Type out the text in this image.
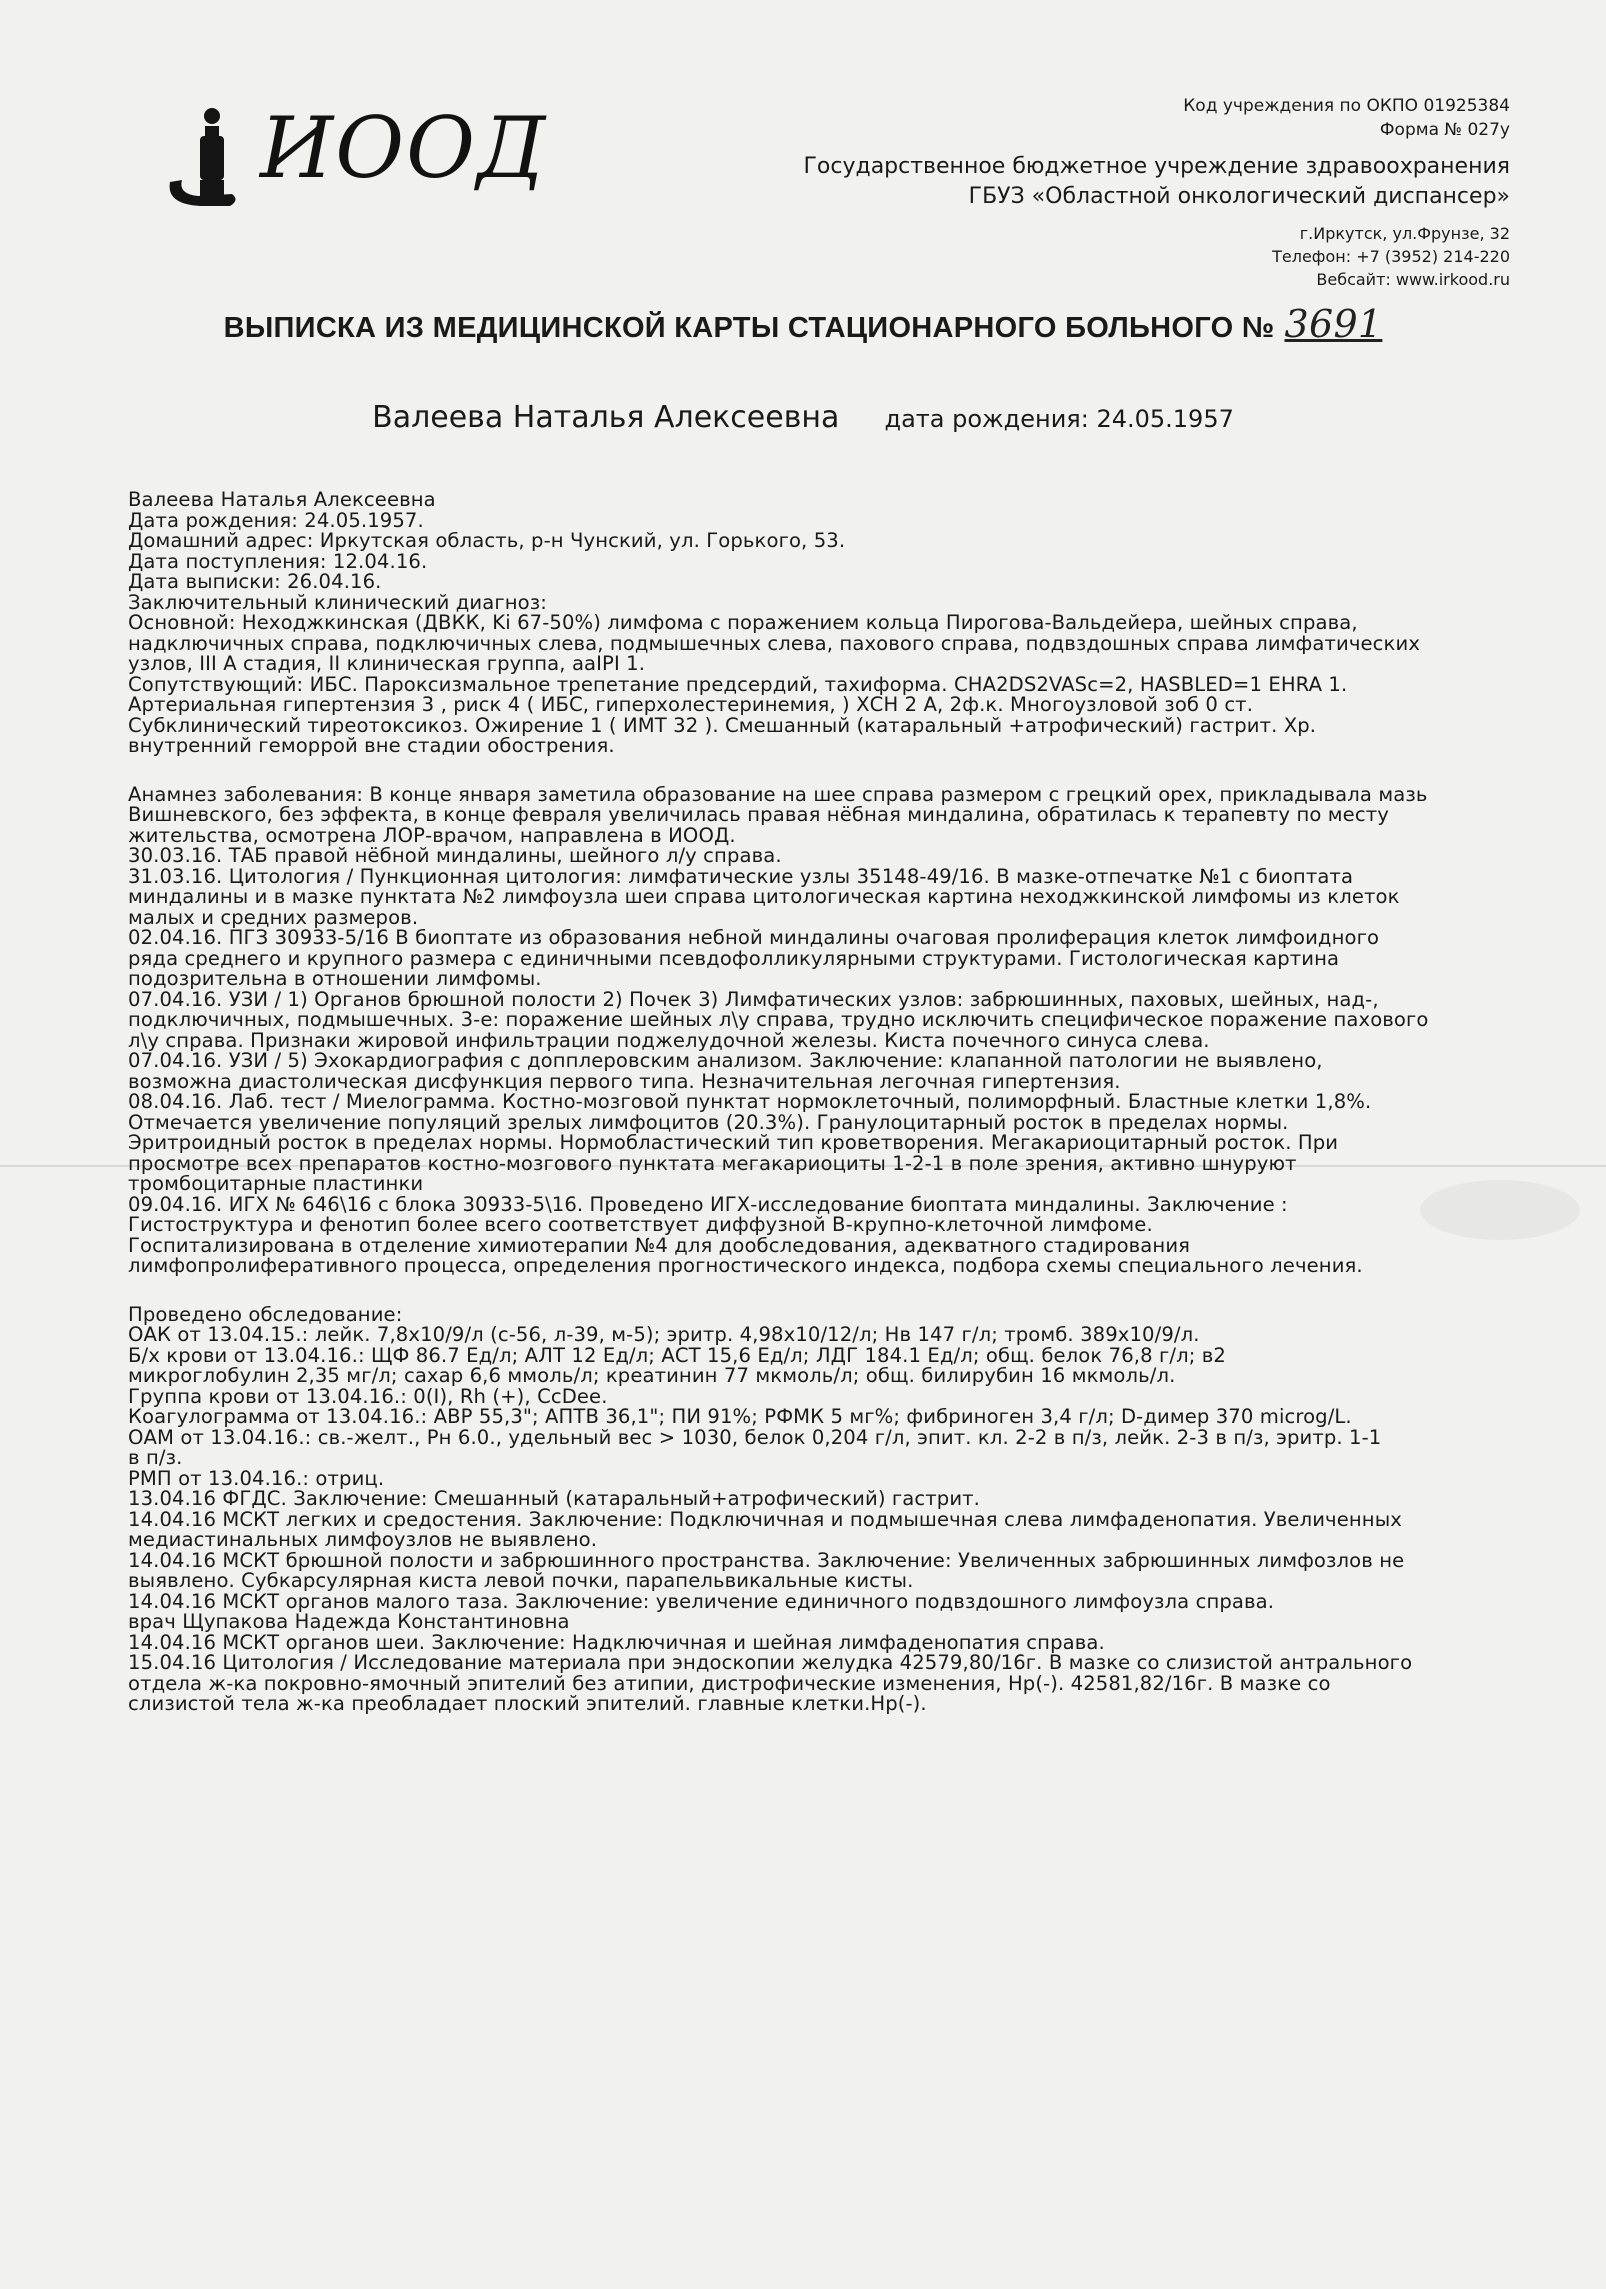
ИООД	Код учреждения по ОКПО 01925384
Форма № 027у
Государственное бюджетное учреждение здравоохранения
ГБУЗ «Областной онкологический диспансер»
г.Иркутск, ул.Фрунзе, 32
Телефон: +7 (3952) 214-220
Вебсайт: www.irkood.ru
ВЫПИСКА ИЗ МЕДИЦИНСКОЙ КАРТЫ СТАЦИОНАРНОГО БОЛЬНОГО № 3691
Валеева Наталья Алексеевна дата рождения: 24.05.1957
Валеева Наталья Алексеевна
Дата рождения: 24.05.1957.
Домашний адрес: Иркутская область, р-н Чунский, ул. Горького, 53.
Дата поступления: 12.04.16.
Дата выписки: 26.04.16.
Заключительный клинический диагноз:
Основной: Неходжкинская (ДВКК, Ki 67-50%) лимфома с поражением кольца Пирогова-Вальдейера, шейных справа,
надключичных справа, подключичных слева, подмышечных слева, пахового справа, подвздошных справа лимфатических
узлов, III А стадия, II клиническая группа, aaIPI 1.
Сопутствующий: ИБС. Пароксизмальное трепетание предсердий, тахиформа. CHA2DS2VASc=2, HASBLED=1 EHRA 1.
Артериальная гипертензия 3 , риск 4 ( ИБС, гиперхолестеринемия, ) ХСН 2 А, 2ф.к. Многоузловой зоб 0 ст.
Субклинический тиреотоксикоз. Ожирение 1 ( ИМТ 32 ). Смешанный (катаральный +атрофический) гастрит. Хр.
внутренний геморрой вне стадии обострения.
Анамнез заболевания: В конце января заметила образование на шее справа размером с грецкий орех, прикладывала мазь
Вишневского, без эффекта, в конце февраля увеличилась правая нёбная миндалина, обратилась к терапевту по месту
жительства, осмотрена ЛОР-врачом, направлена в ИООД.
30.03.16. ТАБ правой нёбной миндалины, шейного л/у справа.
31.03.16. Цитология / Пункционная цитология: лимфатические узлы 35148-49/16. В мазке-отпечатке №1 с биоптата
миндалины и в мазке пунктата №2 лимфоузла шеи справа цитологическая картина неходжкинской лимфомы из клеток
малых и средних размеров.
02.04.16. ПГЗ 30933-5/16 В биоптате из образования небной миндалины очаговая пролиферация клеток лимфоидного
ряда среднего и крупного размера с единичными псевдофолликулярными структурами. Гистологическая картина
подозрительна в отношении лимфомы.
07.04.16. УЗИ / 1) Органов брюшной полости 2) Почек 3) Лимфатических узлов: забрюшинных, паховых, шейных, над-,
подключичных, подмышечных. 3-е: поражение шейных л\у справа, трудно исключить специфическое поражение пахового
л\у справа. Признаки жировой инфильтрации поджелудочной железы. Киста почечного синуса слева.
07.04.16. УЗИ / 5) Эхокардиография с допплеровским анализом. Заключение: клапанной патологии не выявлено,
возможна диастолическая дисфункция первого типа. Незначительная легочная гипертензия.
08.04.16. Лаб. тест / Миелограмма. Костно-мозговой пунктат нормоклеточный, полиморфный. Бластные клетки 1,8%.
Отмечается увеличение популяций зрелых лимфоцитов (20.3%). Гранулоцитарный росток в пределах нормы.
Эритроидный росток в пределах нормы. Нормобластический тип кроветворения. Мегакариоцитарный росток. При
просмотре всех препаратов костно-мозгового пунктата мегакариоциты 1-2-1 в поле зрения, активно шнуруют
тромбоцитарные пластинки
09.04.16. ИГХ № 646\16 с блока 30933-5\16. Проведено ИГХ-исследование биоптата миндалины. Заключение :
Гистоструктура и фенотип более всего соответствует диффузной В-крупно-клеточной лимфоме.
Госпитализирована в отделение химиотерапии №4 для дообследования, адекватного стадирования
лимфопролиферативного процесса, определения прогностического индекса, подбора схемы специального лечения.
Проведено обследование:
ОАК от 13.04.15.: лейк. 7,8х10/9/л (с-56, л-39, м-5); эритр. 4,98х10/12/л; Нв 147 г/л; тромб. 389х10/9/л.
Б/х крови от 13.04.16.: ЩФ 86.7 Ед/л; АЛТ 12 Ед/л; АСТ 15,6 Ед/л; ЛДГ 184.1 Ед/л; общ. белок 76,8 г/л; в2
микроглобулин 2,35 мг/л; сахар 6,6 ммоль/л; креатинин 77 мкмоль/л; общ. билирубин 16 мкмоль/л.
Группа крови от 13.04.16.: 0(I), Rh (+), CcDee.
Коагулограмма от 13.04.16.: АВР 55,3"; АПТВ 36,1"; ПИ 91%; РФМК 5 мг%; фибриноген 3,4 г/л; D-димер 370 microg/L.
ОАМ от 13.04.16.: св.-желт., Рн 6.0., удельный вес > 1030, белок 0,204 г/л, эпит. кл. 2-2 в п/з, лейк. 2-3 в п/з, эритр. 1-1
в п/з.
РМП от 13.04.16.: отриц.
13.04.16 ФГДС. Заключение: Смешанный (катаральный+атрофический) гастрит.
14.04.16 МСКТ легких и средостения. Заключение: Подключичная и подмышечная слева лимфаденопатия. Увеличенных
медиастинальных лимфоузлов не выявлено.
14.04.16 МСКТ брюшной полости и забрюшинного пространства. Заключение: Увеличенных забрюшинных лимфозлов не
выявлено. Субкарсулярная киста левой почки, парапельвикальные кисты.
14.04.16 МСКТ органов малого таза. Заключение: увеличение единичного подвздошного лимфоузла справа.
врач Щупакова Надежда Константиновна
14.04.16 МСКТ органов шеи. Заключение: Надключичная и шейная лимфаденопатия справа.
15.04.16 Цитология / Исследование материала при эндоскопии желудка 42579,80/16г. В мазке со слизистой антрального
отдела ж-ка покровно-ямочный эпителий без атипии, дистрофические изменения, Hp(-). 42581,82/16г. В мазке со
слизистой тела ж-ка преобладает плоский эпителий. главные клетки.Hp(-).
